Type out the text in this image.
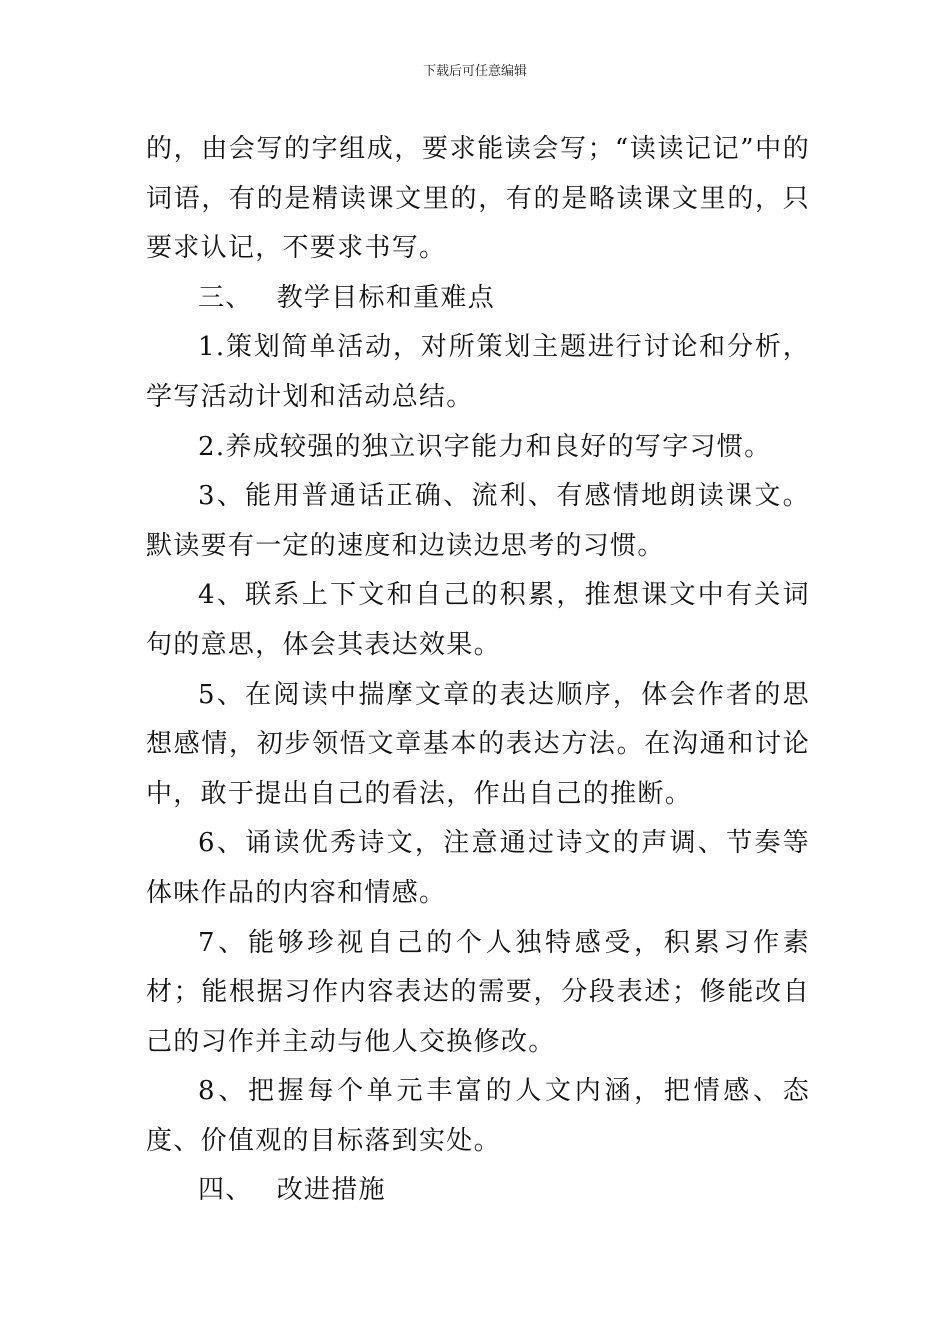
下载后可任意编辑

的，由会写的字组成，要求能读会写；“读读记记”中的词语，有的是精读课文里的，有的是略读课文里的，只要求认记，不要求书写。

三、 教学目标和重难点

1.策划简单活动，对所策划主题进行讨论和分析，学写活动计划和活动总结。

2.养成较强的独立识字能力和良好的写字习惯。

3、能用普通话正确、流利、有感情地朗读课文。默读要有一定的速度和边读边思考的习惯。

4、联系上下文和自己的积累，推想课文中有关词句的意思，体会其表达效果。

5、在阅读中揣摩文章的表达顺序，体会作者的思想感情，初步领悟文章基本的表达方法。在沟通和讨论中，敢于提出自己的看法，作出自己的推断。

6、诵读优秀诗文，注意通过诗文的声调、节奏等体味作品的内容和情感。

7、能够珍视自己的个人独特感受，积累习作素材；能根据习作内容表达的需要，分段表述；修能改自己的习作并主动与他人交换修改。

8、把握每个单元丰富的人文内涵，把情感、态度、价值观的目标落到实处。

四、 改进措施
